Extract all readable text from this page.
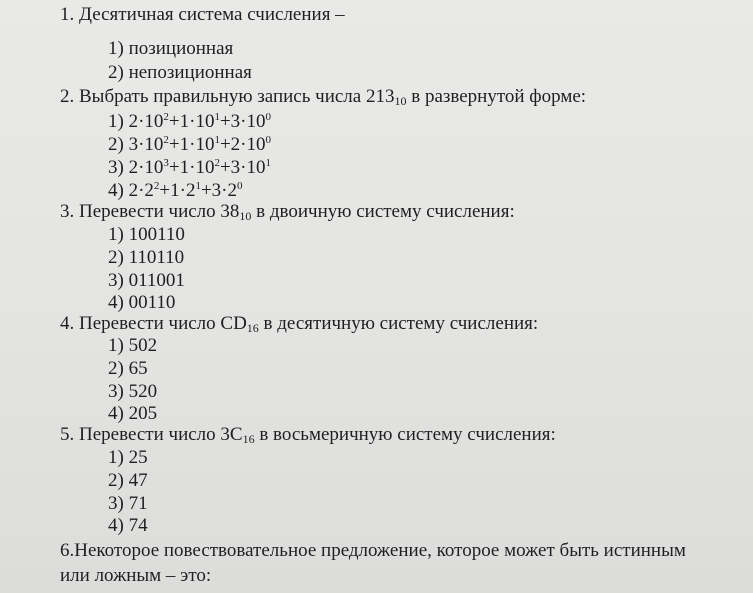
1. Десятичная система счисления –
1) позиционная
2) непозиционная
2. Выбрать правильную запись числа $213_{10}$ в развернутой форме:
1) $2\cdot 10^2+1\cdot 10^1+3\cdot 10^0$
2) $3\cdot 10^2+1\cdot 10^1+2\cdot 10^0$
3) $2\cdot 10^3+1\cdot 10^2+3\cdot 10^1$
4) $2\cdot 2^2+1\cdot 2^1+3\cdot 2^0$
3. Перевести число $38_{10}$ в двоичную систему счисления:
1) 100110
2) 110110
3) 011001
4) 00110
4. Перевести число $CD_{16}$ в десятичную систему счисления:
1) 502
2) 65
3) 520
4) 205
5. Перевести число $3C_{16}$ в восьмеричную систему счисления:
1) 25
2) 47
3) 71
4) 74
6.Некоторое повествовательное предложение, которое может быть истинным
или ложным – это:
